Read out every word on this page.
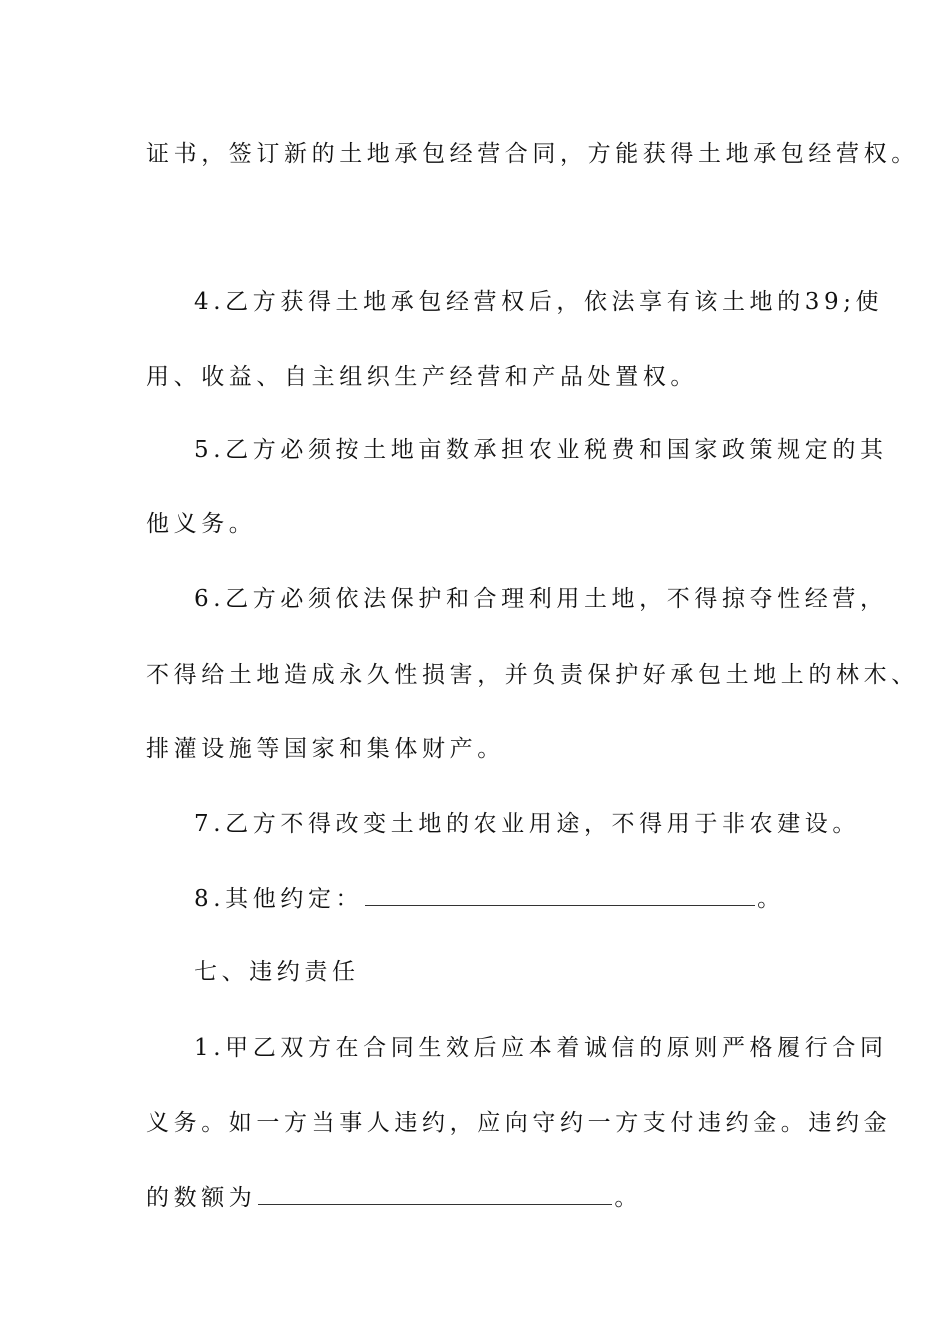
证书，签订新的土地承包经营合同，方能获得土地承包经营权。
4.乙方获得土地承包经营权后，依法享有该土地的39;使
用、收益、自主组织生产经营和产品处置权。
5.乙方必须按土地亩数承担农业税费和国家政策规定的其
他义务。
6.乙方必须依法保护和合理利用土地，不得掠夺性经营，
不得给土地造成永久性损害，并负责保护好承包土地上的林木、
排灌设施等国家和集体财产。
7.乙方不得改变土地的农业用途，不得用于非农建设。
8.其他约定：	。
七、违约责任
1.甲乙双方在合同生效后应本着诚信的原则严格履行合同
义务。如一方当事人违约，应向守约一方支付违约金。违约金
的数额为	。
